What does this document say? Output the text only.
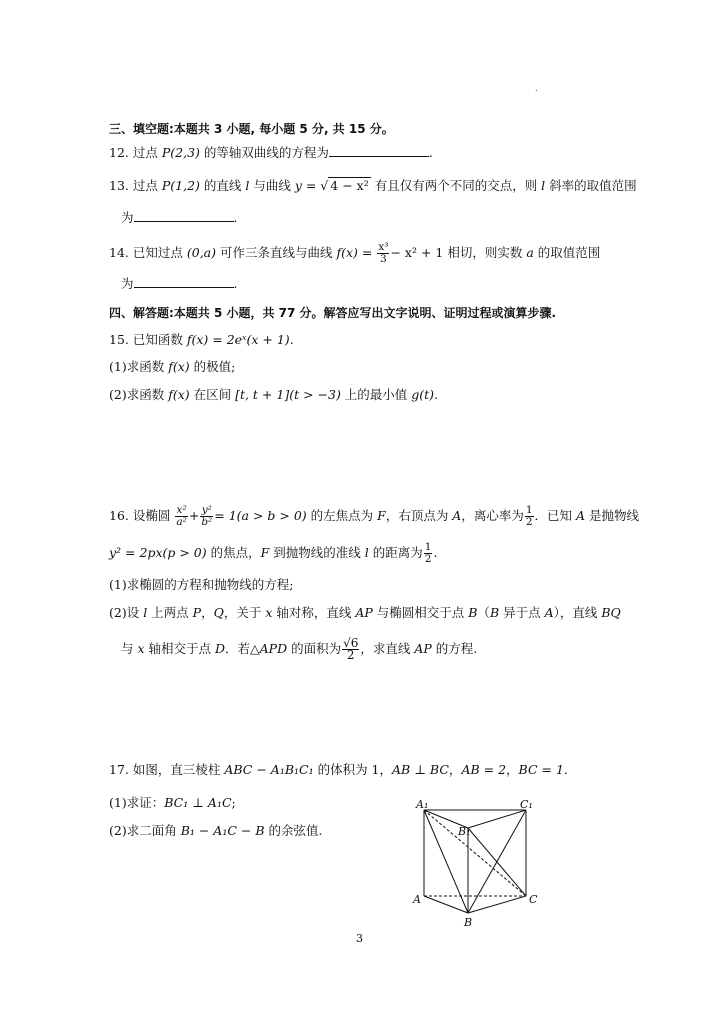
.
三、填空题:本题共 3 小题, 每小题 5 分, 共 15 分。
12. 过点 P(2,3) 的等轴双曲线的方程为	.
13. 过点 P(1,2) 的直线 l 与曲线 y = √ 4 − x² 有且仅有两个不同的交点，则 l 斜率的取值范围
为	.
14. 已知过点 (0,a) 可作三条直线与曲线 $f(x) = \frac{\text{x³}}{3} - x^2 + 1$ 相切，则实数 a 的取值范围
为	.
四、解答题:本题共 5 小题，共 77 分。解答应写出文字说明、证明过程或演算步骤.
15. 已知函数 f(x) = 2eˣ(x + 1).
(1)求函数 f(x) 的极值;
(2)求函数 f(x) 在区间 [t, t + 1](t > −3) 上的最小值 g(t).
16. 设椭圆 $\frac{\text{x²}}{\text{a²}} + \frac{\text{y²}}{\text{b²}} = 1(a > b > 0)$ 的左焦点为 F，右顶点为 A，离心率为 $\frac{1}{2}$ ．已知 A 是抛物线
y² = 2px(p > 0) 的焦点，F 到抛物线的准线 l 的距离为 $\frac{1}{2}$ .
(1)求椭圆的方程和抛物线的方程;
(2)设 l 上两点 P，Q，关于 x 轴对称，直线 AP 与椭圆相交于点 B（B 异于点 A），直线 BQ
与 x 轴相交于点 D．若△APD 的面积为 $\frac{√6}{2}$ ，求直线 AP 的方程.
17. 如图，直三棱柱 ABC − A₁B₁C₁ 的体积为 1，AB ⊥ BC，AB = 2，BC = 1.
(1)求证：BC₁ ⊥ A₁C;
(2)求二面角 B₁ − A₁C − B 的余弦值.
A₁	C₁
B₁
A	C
B
3
